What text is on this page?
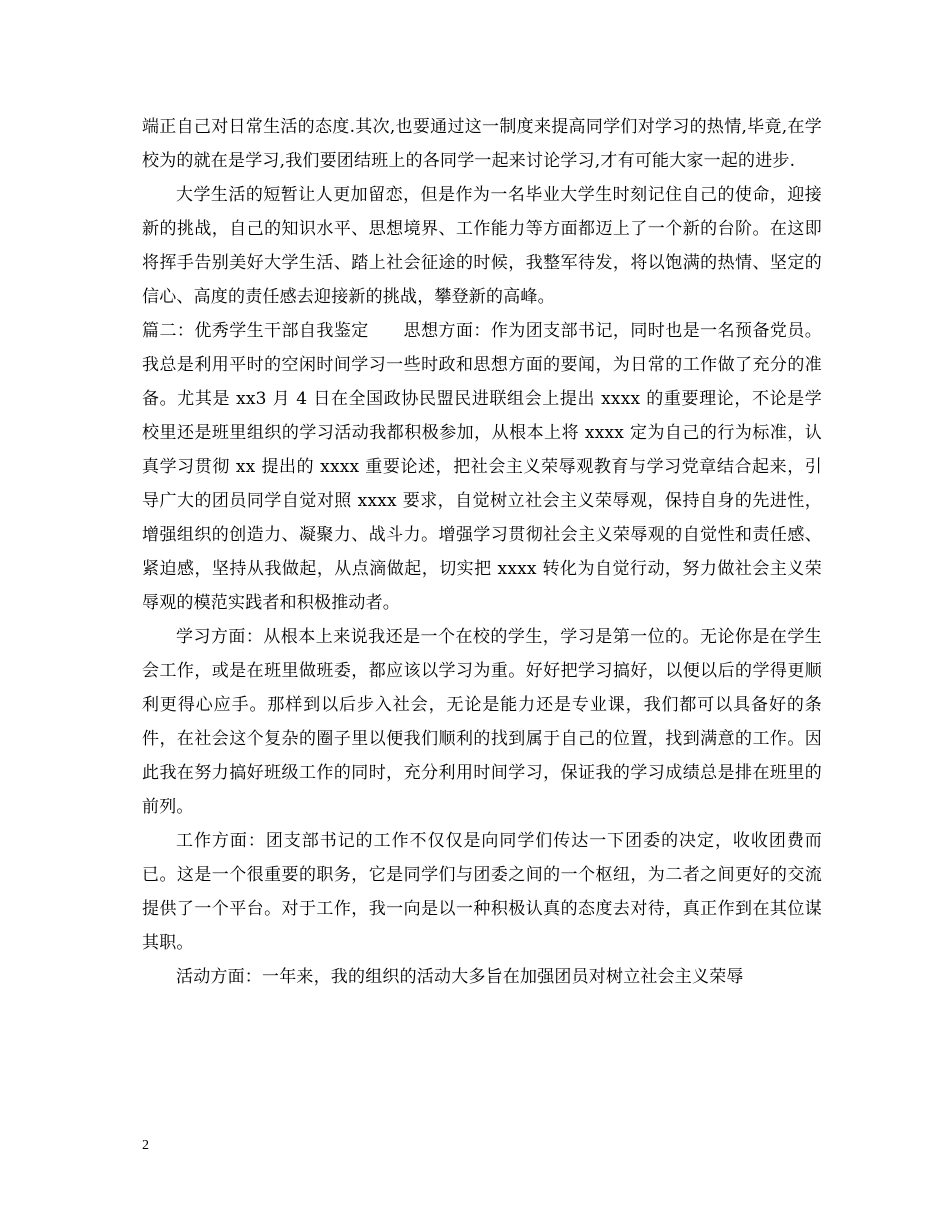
端正自己对日常生活的态度.其次,也要通过这一制度来提高同学们对学习的热情,毕竟,在学校为的就在是学习,我们要团结班上的各同学一起来讨论学习,才有可能大家一起的进步.

大学生活的短暂让人更加留恋，但是作为一名毕业大学生时刻记住自己的使命，迎接新的挑战，自己的知识水平、思想境界、工作能力等方面都迈上了一个新的台阶。在这即将挥手告别美好大学生活、踏上社会征途的时候，我整军待发，将以饱满的热情、坚定的信心、高度的责任感去迎接新的挑战，攀登新的高峰。

篇二：优秀学生干部自我鉴定　　思想方面：作为团支部书记，同时也是一名预备党员。我总是利用平时的空闲时间学习一些时政和思想方面的要闻，为日常的工作做了充分的准备。尤其是 xx3 月 4 日在全国政协民盟民进联组会上提出 xxxx 的重要理论，不论是学校里还是班里组织的学习活动我都积极参加，从根本上将 xxxx 定为自己的行为标准，认真学习贯彻 xx 提出的 xxxx 重要论述，把社会主义荣辱观教育与学习党章结合起来，引导广大的团员同学自觉对照 xxxx 要求，自觉树立社会主义荣辱观，保持自身的先进性，增强组织的创造力、凝聚力、战斗力。增强学习贯彻社会主义荣辱观的自觉性和责任感、紧迫感，坚持从我做起，从点滴做起，切实把 xxxx 转化为自觉行动，努力做社会主义荣辱观的模范实践者和积极推动者。

学习方面：从根本上来说我还是一个在校的学生，学习是第一位的。无论你是在学生会工作，或是在班里做班委，都应该以学习为重。好好把学习搞好，以便以后的学得更顺利更得心应手。那样到以后步入社会，无论是能力还是专业课，我们都可以具备好的条件，在社会这个复杂的圈子里以便我们顺利的找到属于自己的位置，找到满意的工作。因此我在努力搞好班级工作的同时，充分利用时间学习，保证我的学习成绩总是排在班里的前列。

工作方面：团支部书记的工作不仅仅是向同学们传达一下团委的决定，收收团费而已。这是一个很重要的职务，它是同学们与团委之间的一个枢纽，为二者之间更好的交流提供了一个平台。对于工作，我一向是以一种积极认真的态度去对待，真正作到在其位谋其职。

活动方面：一年来，我的组织的活动大多旨在加强团员对树立社会主义荣辱

2
